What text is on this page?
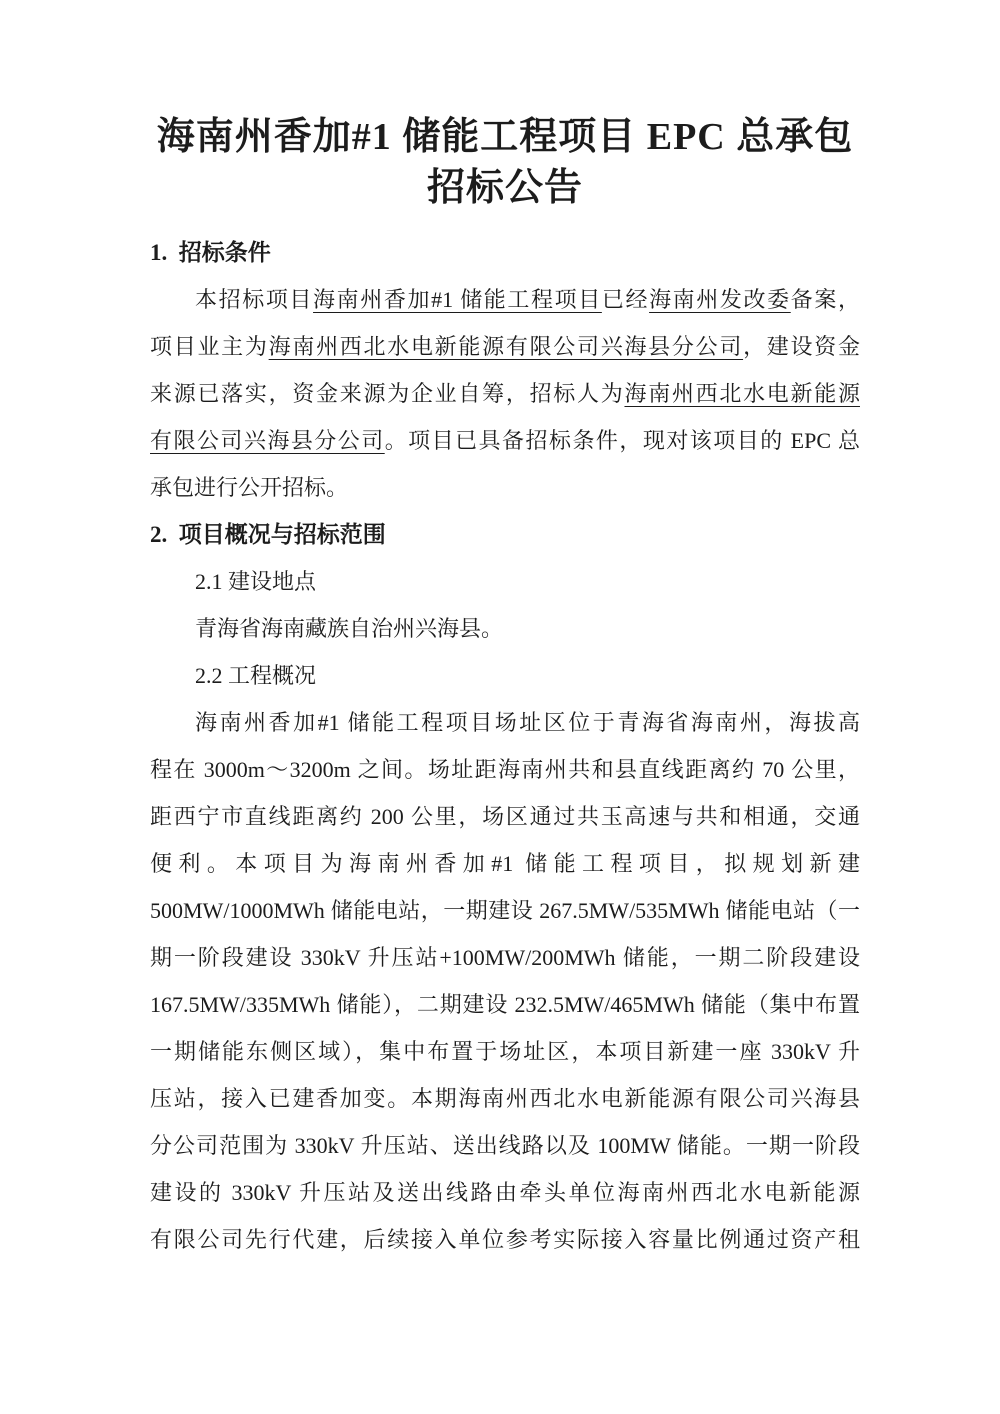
海南州香加#1 储能工程项目 EPC 总承包
招标公告
1.  招标条件
本招标项目海南州香加#1 储能工程项目已经海南州发改委备案，
项目业主为海南州西北水电新能源有限公司兴海县分公司，建设资金
来源已落实，资金来源为企业自筹，招标人为海南州西北水电新能源
有限公司兴海县分公司。项目已具备招标条件，现对该项目的 EPC 总
承包进行公开招标。
2.  项目概况与招标范围
2.1 建设地点
青海省海南藏族自治州兴海县。
2.2 工程概况
海南州香加#1 储能工程项目场址区位于青海省海南州，海拔高
程在 3000m～3200m 之间。场址距海南州共和县直线距离约 70 公里，
距西宁市直线距离约 200 公里，场区通过共玉高速与共和相通，交通
便利。本项目为海南州香加#1 储能工程项目，拟规划新建
500MW/1000MWh 储能电站，一期建设 267.5MW/535MWh 储能电站（一
期一阶段建设 330kV 升压站+100MW/200MWh 储能，一期二阶段建设
167.5MW/335MWh 储能），二期建设 232.5MW/465MWh 储能（集中布置
一期储能东侧区域），集中布置于场址区，本项目新建一座 330kV 升
压站，接入已建香加变。本期海南州西北水电新能源有限公司兴海县
分公司范围为 330kV 升压站、送出线路以及 100MW 储能。一期一阶段
建设的 330kV 升压站及送出线路由牵头单位海南州西北水电新能源
有限公司先行代建，后续接入单位参考实际接入容量比例通过资产租
